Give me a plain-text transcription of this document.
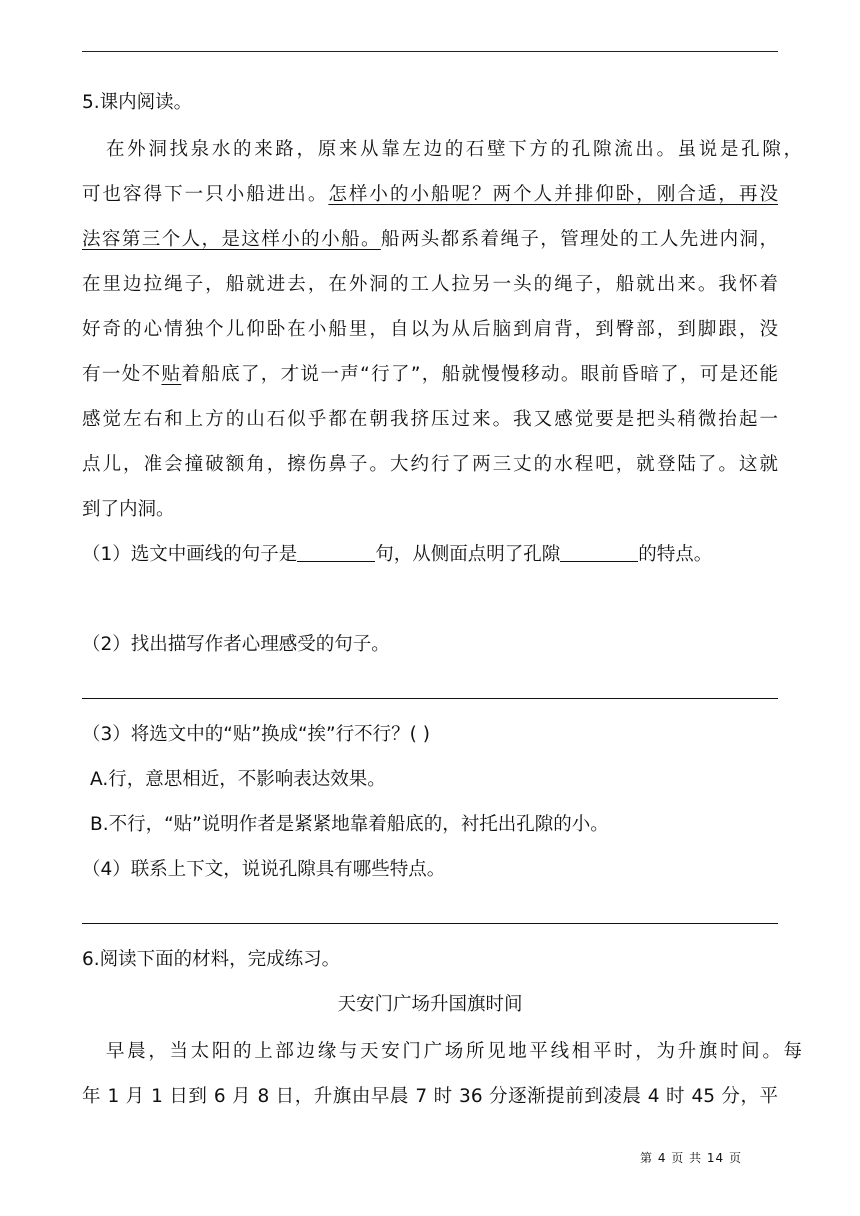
5.课内阅读。
在外洞找泉水的来路，原来从靠左边的石壁下方的孔隙流出。虽说是孔隙，
可也容得下一只小船进出。怎样小的小船呢？两个人并排仰卧，刚合适，再没
法容第三个人，是这样小的小船。船两头都系着绳子，管理处的工人先进内洞，
在里边拉绳子，船就进去，在外洞的工人拉另一头的绳子，船就出来。我怀着
好奇的心情独个儿仰卧在小船里，自以为从后脑到肩背，到臀部，到脚跟，没
有一处不贴着船底了，才说一声“行了”，船就慢慢移动。眼前昏暗了，可是还能
感觉左右和上方的山石似乎都在朝我挤压过来。我又感觉要是把头稍微抬起一
点儿，准会撞破额角，擦伤鼻子。大约行了两三丈的水程吧，就登陆了。这就
到了内洞。
（1）选文中画线的句子是	句，从侧面点明了孔隙	的特点。
（2）找出描写作者心理感受的句子。
（3）将选文中的“贴”换成“挨”行不行？( )
A.行，意思相近，不影响表达效果。
B.不行，“贴”说明作者是紧紧地靠着船底的，衬托出孔隙的小。
（4）联系上下文，说说孔隙具有哪些特点。
6.阅读下面的材料，完成练习。
天安门广场升国旗时间
早晨，当太阳的上部边缘与天安门广场所见地平线相平时，为升旗时间。每
年 1 月 1 日到 6 月 8 日，升旗由早晨 7 时 36 分逐渐提前到凌晨 4 时 45 分，平
第 4 页 共 14 页
